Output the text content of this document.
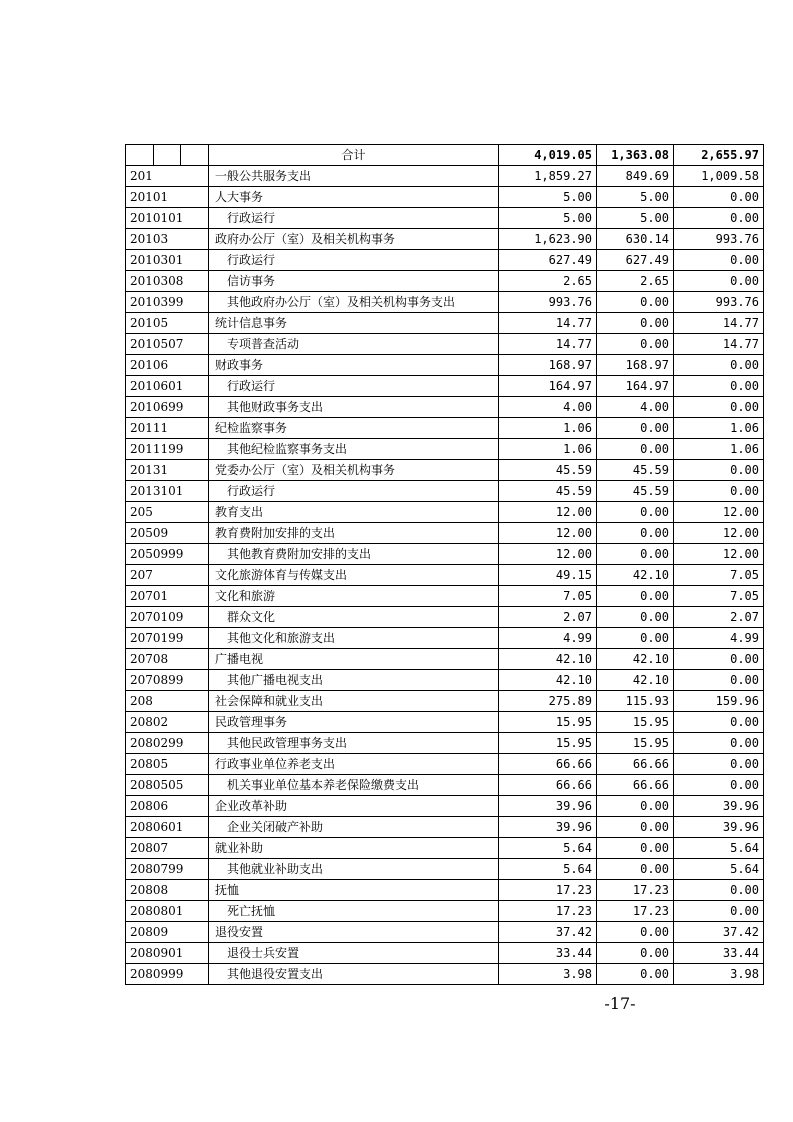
	合计	4,019.05	1,363.08	2,655.97
201	一般公共服务支出	1,859.27	849.69	1,009.58
20101	人大事务	5.00	5.00	0.00
2010101	行政运行	5.00	5.00	0.00
20103	政府办公厅（室）及相关机构事务	1,623.90	630.14	993.76
2010301	行政运行	627.49	627.49	0.00
2010308	信访事务	2.65	2.65	0.00
2010399	其他政府办公厅（室）及相关机构事务支出	993.76	0.00	993.76
20105	统计信息事务	14.77	0.00	14.77
2010507	专项普查活动	14.77	0.00	14.77
20106	财政事务	168.97	168.97	0.00
2010601	行政运行	164.97	164.97	0.00
2010699	其他财政事务支出	4.00	4.00	0.00
20111	纪检监察事务	1.06	0.00	1.06
2011199	其他纪检监察事务支出	1.06	0.00	1.06
20131	党委办公厅（室）及相关机构事务	45.59	45.59	0.00
2013101	行政运行	45.59	45.59	0.00
205	教育支出	12.00	0.00	12.00
20509	教育费附加安排的支出	12.00	0.00	12.00
2050999	其他教育费附加安排的支出	12.00	0.00	12.00
207	文化旅游体育与传媒支出	49.15	42.10	7.05
20701	文化和旅游	7.05	0.00	7.05
2070109	群众文化	2.07	0.00	2.07
2070199	其他文化和旅游支出	4.99	0.00	4.99
20708	广播电视	42.10	42.10	0.00
2070899	其他广播电视支出	42.10	42.10	0.00
208	社会保障和就业支出	275.89	115.93	159.96
20802	民政管理事务	15.95	15.95	0.00
2080299	其他民政管理事务支出	15.95	15.95	0.00
20805	行政事业单位养老支出	66.66	66.66	0.00
2080505	机关事业单位基本养老保险缴费支出	66.66	66.66	0.00
20806	企业改革补助	39.96	0.00	39.96
2080601	企业关闭破产补助	39.96	0.00	39.96
20807	就业补助	5.64	0.00	5.64
2080799	其他就业补助支出	5.64	0.00	5.64
20808	抚恤	17.23	17.23	0.00
2080801	死亡抚恤	17.23	17.23	0.00
20809	退役安置	37.42	0.00	37.42
2080901	退役士兵安置	33.44	0.00	33.44
2080999	其他退役安置支出	3.98	0.00	3.98
-17-
